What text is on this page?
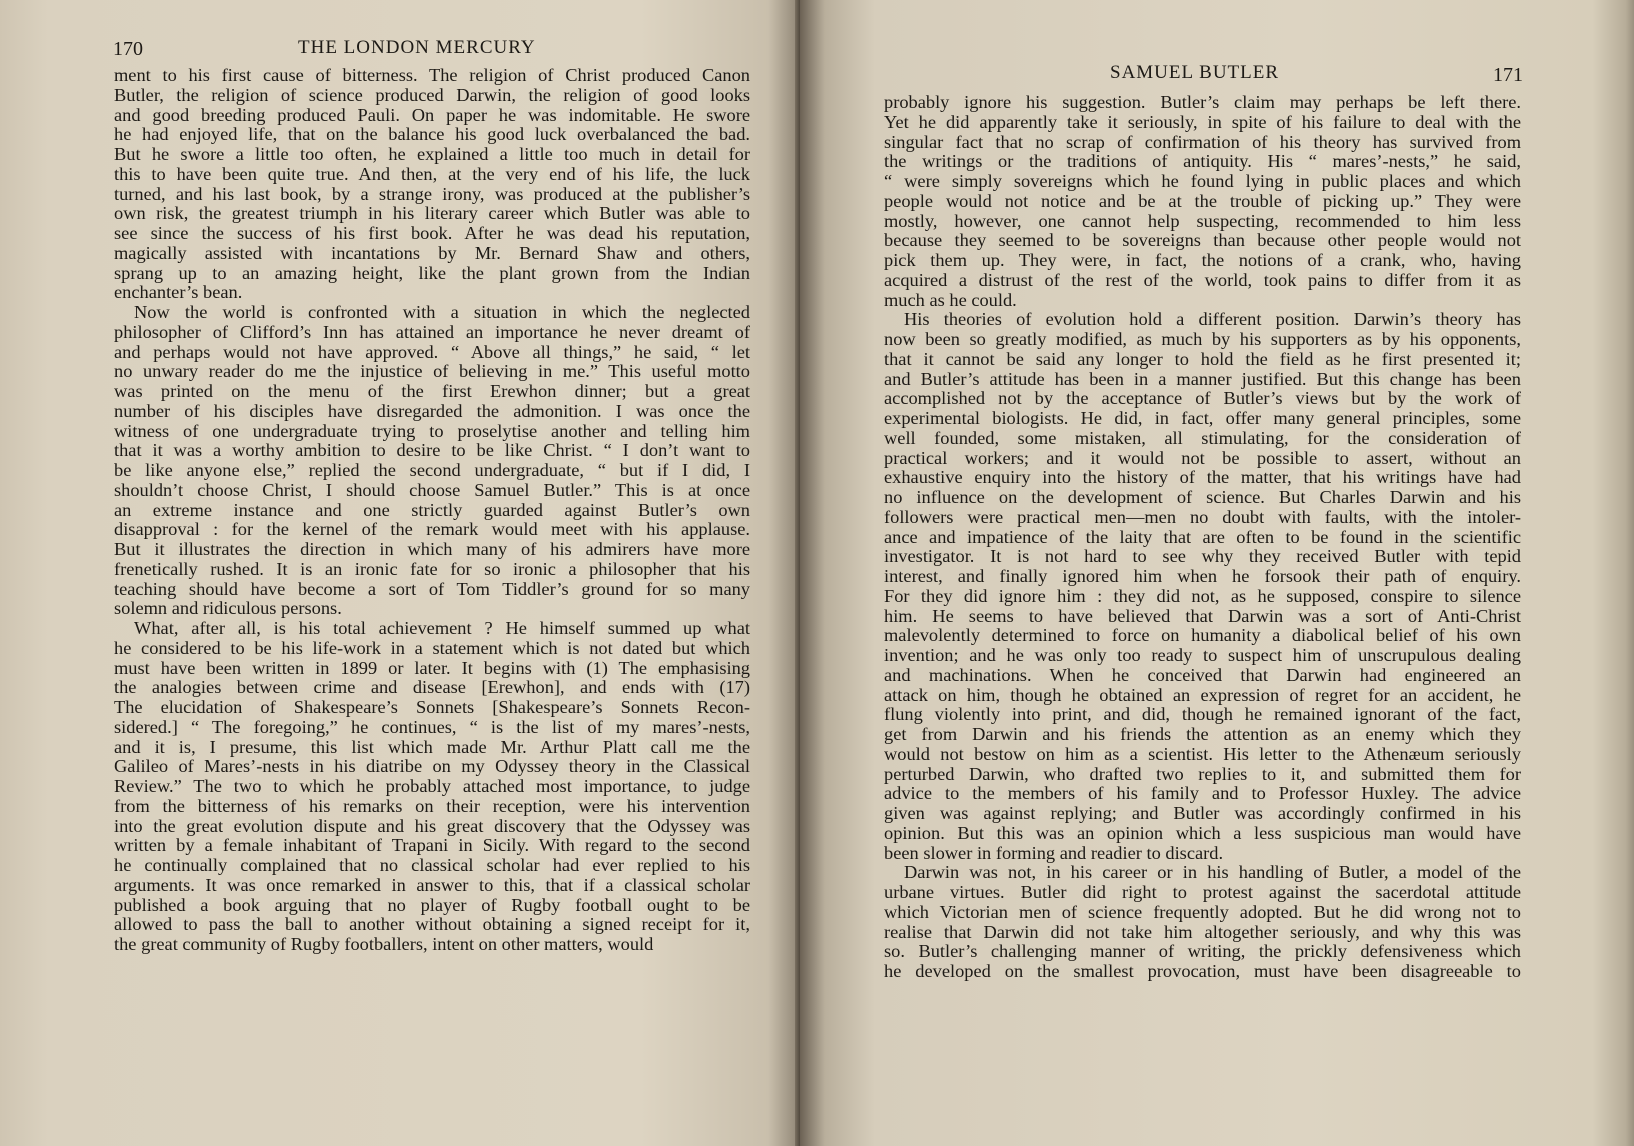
170	THE LONDON MERCURY
ment to his first cause of bitterness. The religion of Christ produced Canon
Butler, the religion of science produced Darwin, the religion of good looks
and good breeding produced Pauli. On paper he was indomitable. He swore
he had enjoyed life, that on the balance his good luck overbalanced the bad.
But he swore a little too often, he explained a little too much in detail for
this to have been quite true. And then, at the very end of his life, the luck
turned, and his last book, by a strange irony, was produced at the publisher’s
own risk, the greatest triumph in his literary career which Butler was able to
see since the success of his first book. After he was dead his reputation,
magically assisted with incantations by Mr. Bernard Shaw and others,
sprang up to an amazing height, like the plant grown from the Indian
enchanter’s bean.
Now the world is confronted with a situation in which the neglected
philosopher of Clifford’s Inn has attained an importance he never dreamt of
and perhaps would not have approved. “ Above all things,” he said, “ let
no unwary reader do me the injustice of believing in me.” This useful motto
was printed on the menu of the first Erewhon dinner; but a great
number of his disciples have disregarded the admonition. I was once the
witness of one undergraduate trying to proselytise another and telling him
that it was a worthy ambition to desire to be like Christ. “ I don’t want to
be like anyone else,” replied the second undergraduate, “ but if I did, I
shouldn’t choose Christ, I should choose Samuel Butler.” This is at once
an extreme instance and one strictly guarded against Butler’s own
disapproval : for the kernel of the remark would meet with his applause.
But it illustrates the direction in which many of his admirers have more
frenetically rushed. It is an ironic fate for so ironic a philosopher that his
teaching should have become a sort of Tom Tiddler’s ground for so many
solemn and ridiculous persons.
What, after all, is his total achievement ? He himself summed up what
he considered to be his life-work in a statement which is not dated but which
must have been written in 1899 or later. It begins with (1) The emphasising
the analogies between crime and disease [Erewhon], and ends with (17)
The elucidation of Shakespeare’s Sonnets [Shakespeare’s Sonnets Recon-
sidered.] “ The foregoing,” he continues, “ is the list of my mares’-nests,
and it is, I presume, this list which made Mr. Arthur Platt call me the
Galileo of Mares’-nests in his diatribe on my Odyssey theory in the Classical
Review.” The two to which he probably attached most importance, to judge
from the bitterness of his remarks on their reception, were his intervention
into the great evolution dispute and his great discovery that the Odyssey was
written by a female inhabitant of Trapani in Sicily. With regard to the second
he continually complained that no classical scholar had ever replied to his
arguments. It was once remarked in answer to this, that if a classical scholar
published a book arguing that no player of Rugby football ought to be
allowed to pass the ball to another without obtaining a signed receipt for it,
the great community of Rugby footballers, intent on other matters, would
SAMUEL BUTLER	171
probably ignore his suggestion. Butler’s claim may perhaps be left there.
Yet he did apparently take it seriously, in spite of his failure to deal with the
singular fact that no scrap of confirmation of his theory has survived from
the writings or the traditions of antiquity. His “ mares’-nests,” he said,
“ were simply sovereigns which he found lying in public places and which
people would not notice and be at the trouble of picking up.” They were
mostly, however, one cannot help suspecting, recommended to him less
because they seemed to be sovereigns than because other people would not
pick them up. They were, in fact, the notions of a crank, who, having
acquired a distrust of the rest of the world, took pains to differ from it as
much as he could.
His theories of evolution hold a different position. Darwin’s theory has
now been so greatly modified, as much by his supporters as by his opponents,
that it cannot be said any longer to hold the field as he first presented it;
and Butler’s attitude has been in a manner justified. But this change has been
accomplished not by the acceptance of Butler’s views but by the work of
experimental biologists. He did, in fact, offer many general principles, some
well founded, some mistaken, all stimulating, for the consideration of
practical workers; and it would not be possible to assert, without an
exhaustive enquiry into the history of the matter, that his writings have had
no influence on the development of science. But Charles Darwin and his
followers were practical men—men no doubt with faults, with the intoler-
ance and impatience of the laity that are often to be found in the scientific
investigator. It is not hard to see why they received Butler with tepid
interest, and finally ignored him when he forsook their path of enquiry.
For they did ignore him : they did not, as he supposed, conspire to silence
him. He seems to have believed that Darwin was a sort of Anti-Christ
malevolently determined to force on humanity a diabolical belief of his own
invention; and he was only too ready to suspect him of unscrupulous dealing
and machinations. When he conceived that Darwin had engineered an
attack on him, though he obtained an expression of regret for an accident, he
flung violently into print, and did, though he remained ignorant of the fact,
get from Darwin and his friends the attention as an enemy which they
would not bestow on him as a scientist. His letter to the Athenæum seriously
perturbed Darwin, who drafted two replies to it, and submitted them for
advice to the members of his family and to Professor Huxley. The advice
given was against replying; and Butler was accordingly confirmed in his
opinion. But this was an opinion which a less suspicious man would have
been slower in forming and readier to discard.
Darwin was not, in his career or in his handling of Butler, a model of the
urbane virtues. Butler did right to protest against the sacerdotal attitude
which Victorian men of science frequently adopted. But he did wrong not to
realise that Darwin did not take him altogether seriously, and why this was
so. Butler’s challenging manner of writing, the prickly defensiveness which
he developed on the smallest provocation, must have been disagreeable to
